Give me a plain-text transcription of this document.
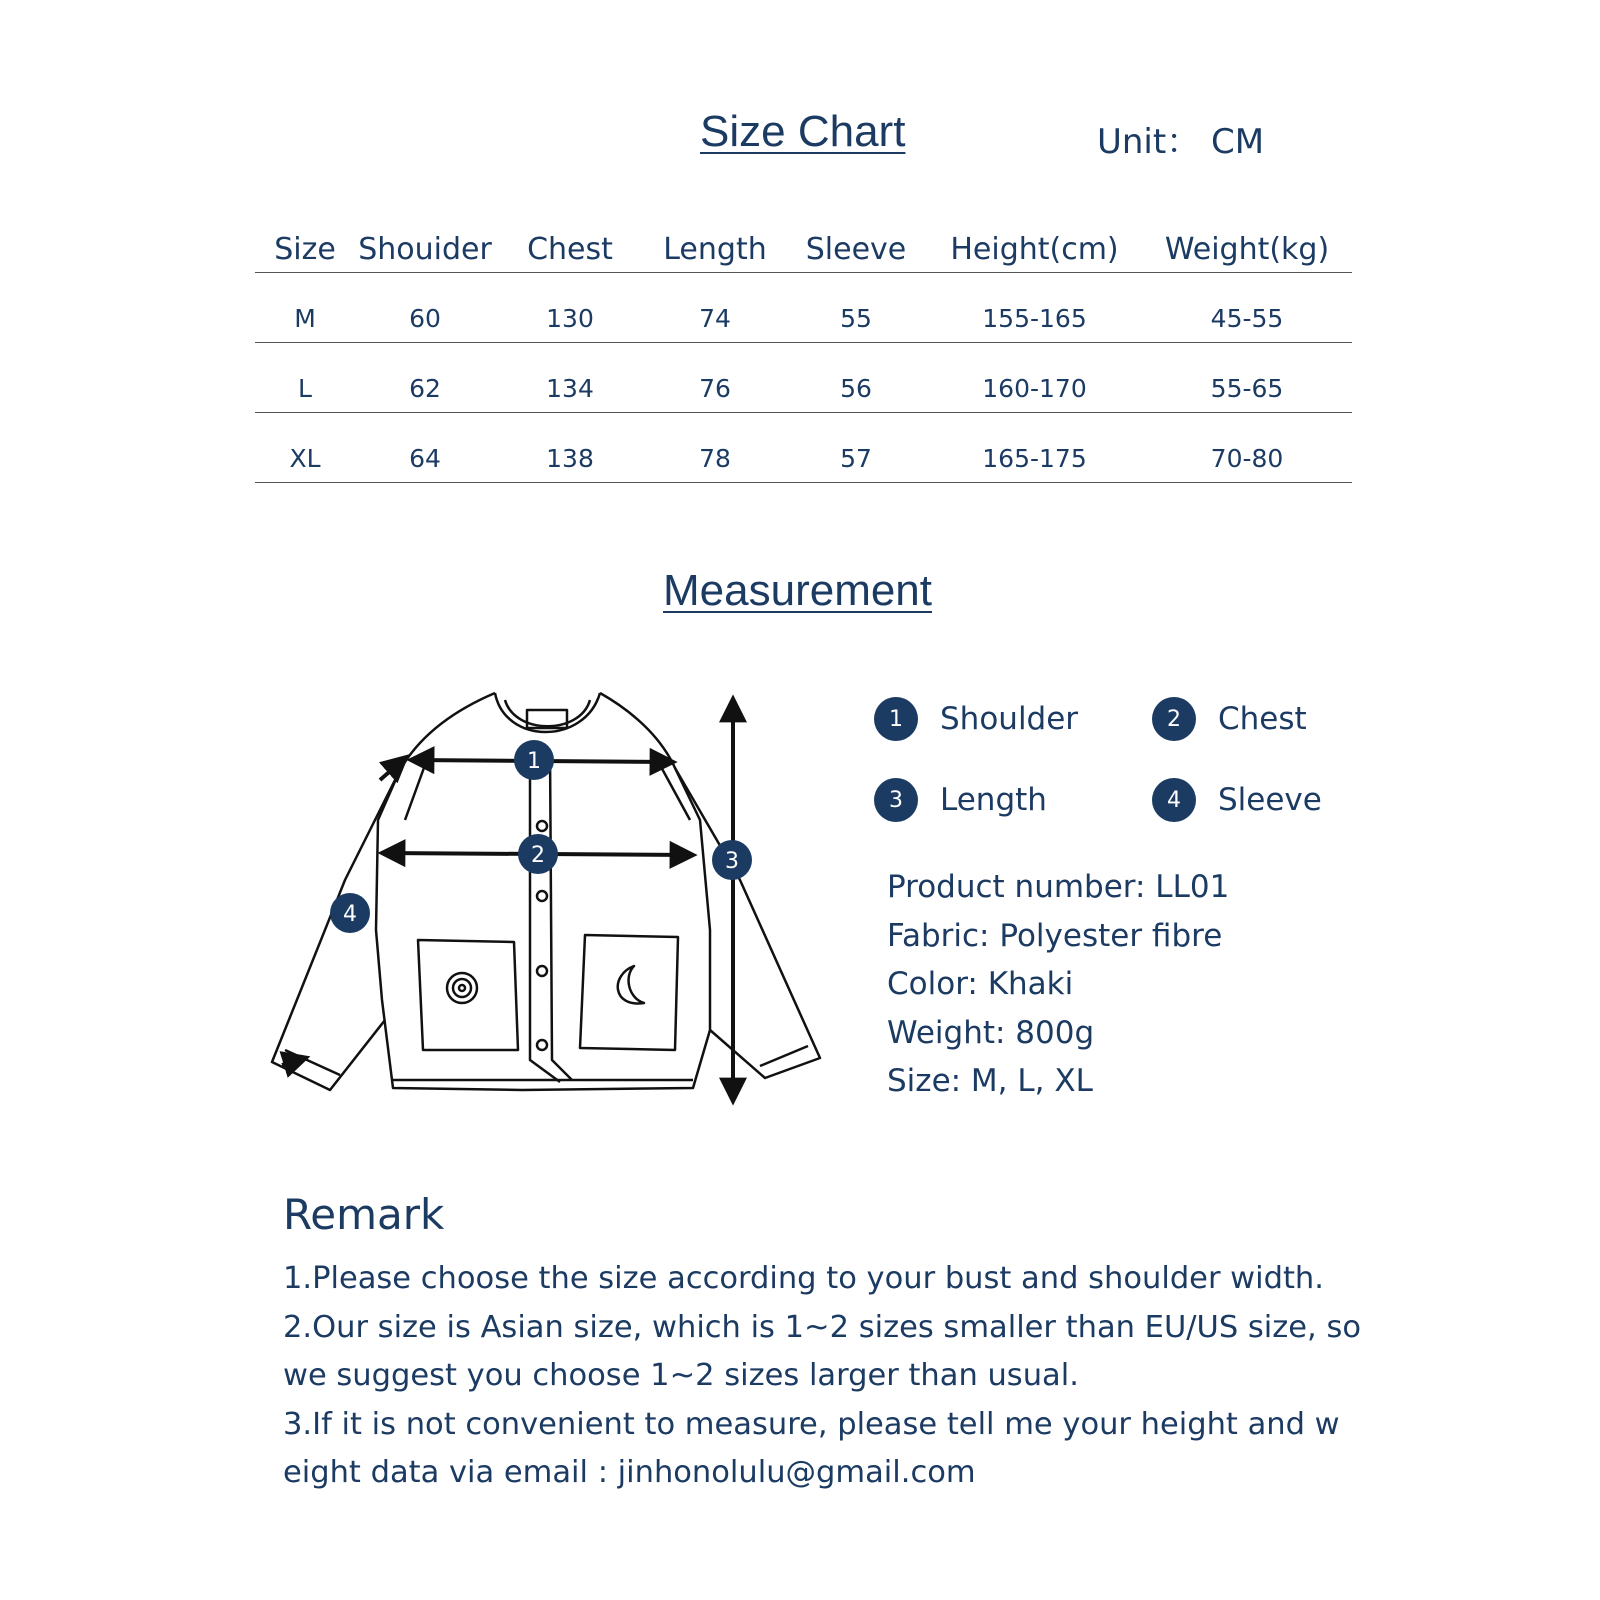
Size Chart	Unit： CM
Size Shouider	Chest	Length	Sleeve	Height(cm)	Weight(kg)
M	60	130	74	55	155-165	45-55
L	62	134	76	56	160-170	55-65
XL	64	138	78	57	165-175	70-80
Measurement
1
2	3
4
1	Shoulder	2	Chest
3	Length	4	Sleeve
Product number: LL01
Fabric: Polyester fibre
Color: Khaki
Weight: 800g
Size: M, L, XL
Remark
1.Please choose the size according to your bust and shoulder width.
2.Our size is Asian size, which is 1~2 sizes smaller than EU/US size, so
we suggest you choose 1~2 sizes larger than usual.
3.If it is not convenient to measure, please tell me your height and w
eight data via email : jinhonolulu@gmail.com
